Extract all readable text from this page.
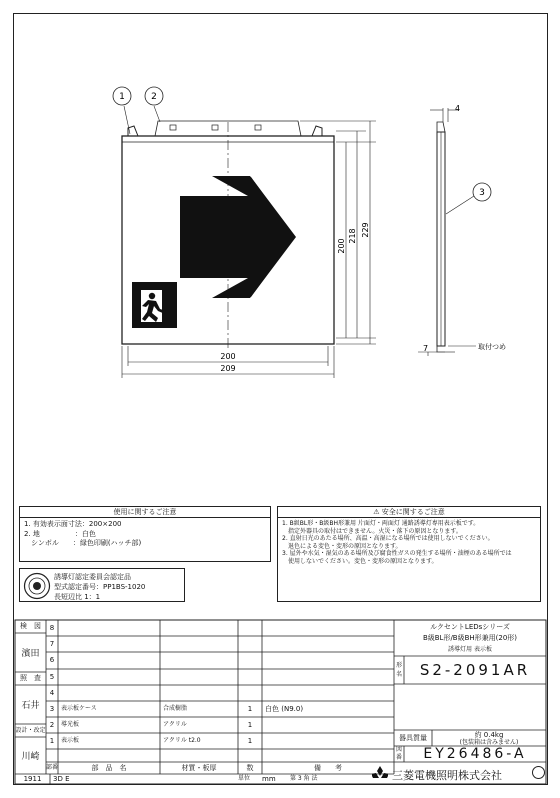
200
209
200
218 229
4
7	取付つめ
1	2
3
使用に関するご注意
1. 有効表示面寸法：200×200
2. 地　　　　　：白色
　シンボル　　：緑色印刷(ハッチ部)
⚠ 安全に関するご注意
1. B級BL形・B級BH形兼用 片面灯・両面灯 通路誘導灯専用表示板です。
　指定外器具の取付はできません。火災・落下の原因となります。
2. 直射日光のあたる場所、高温・高湿になる場所では使用しないでください。
　退色による変色・変形の原因となります。
3. 屋外や水気・湿気のある場所及び腐食性ガスの発生する場所・油煙のある場所では
　使用しないでください。変色・変形の原因となります。
誘導灯認定委員会認定品
型式認定番号：PP1BS-1020
長短辺比 1：1
検　図
濱田
照　査
石井
設計・改定
川崎
8
7
6
5
4
3	表示板ケース	合成樹脂	1	白色 (N9.0)
2	導光板	アクリル	1
1	表示板	アクリル t2.0	1
部番	部　品　名	材質・板厚	数	備　　考
ルクセントLEDsシリーズ
B級BL形/B級BH形兼用(20形)
誘導灯用 表示板
形名	S2-2091AR
器具質量	約 0.4kg
(包装箱は含みません)
図番	EY26486-A
三菱電機照明株式会社
1911	3D E	単位	mm	第 3 角 法
